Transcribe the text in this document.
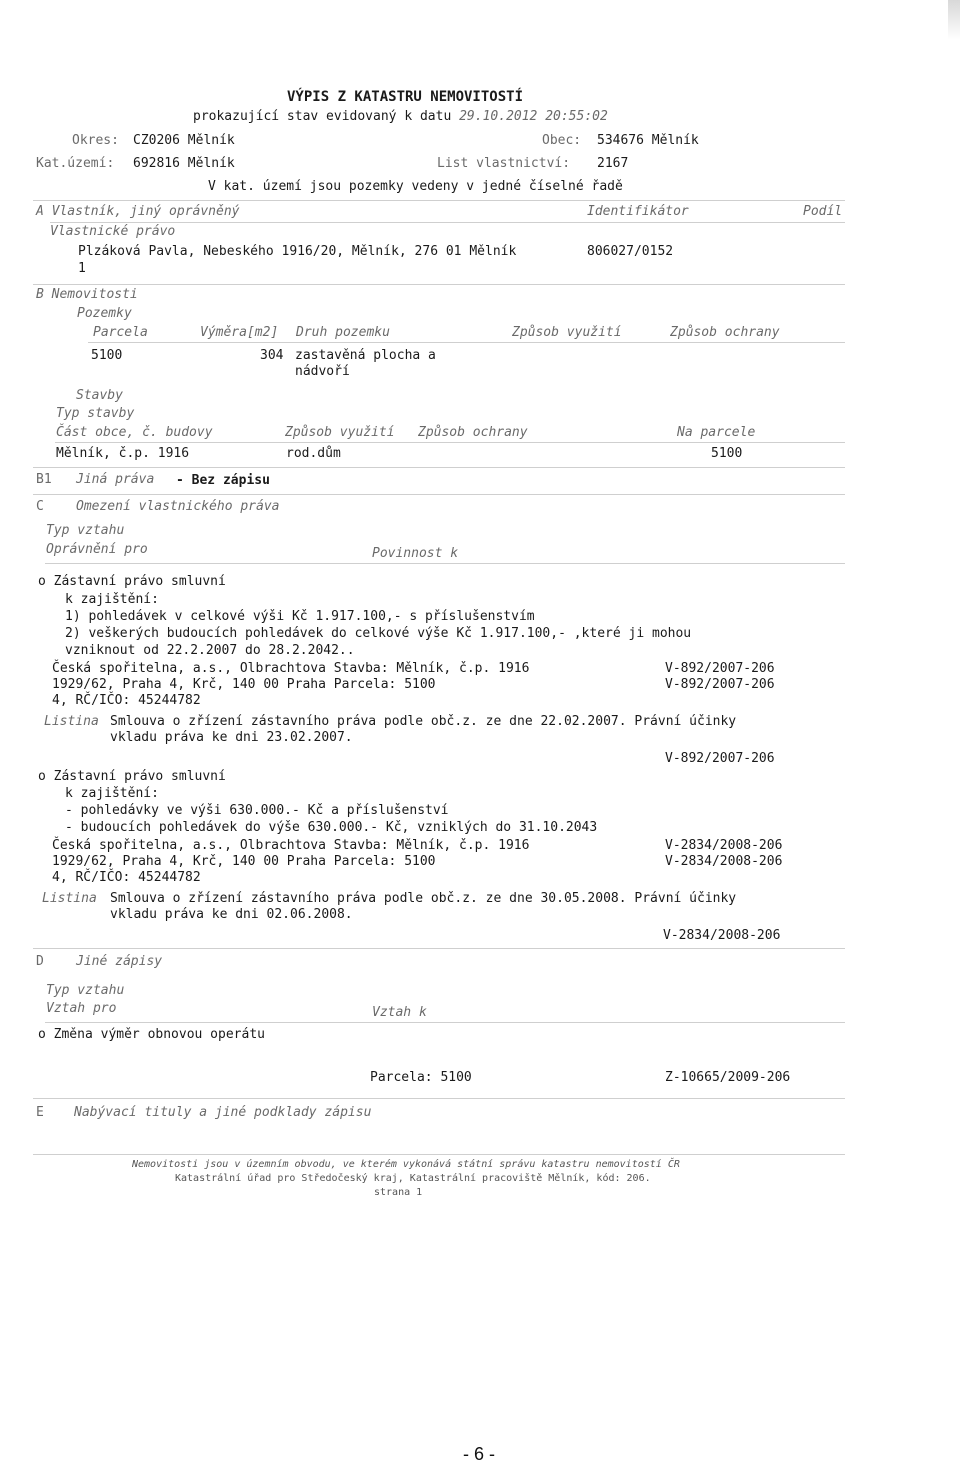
VÝPIS Z KATASTRU NEMOVITOSTÍ
prokazující stav evidovaný k datu 29.10.2012 20:55:02
Okres: CZ0206 Mělník	Obec: 534676 Mělník
Kat.území: 692816 Mělník	List vlastnictví: 2167
V kat. území jsou pozemky vedeny v jedné číselné řadě
A Vlastník, jiný oprávněný	Identifikátor	Podíl
Vlastnické právo
Plzáková Pavla, Nebeského 1916/20, Mělník, 276 01 Mělník	806027/0152
1
B Nemovitosti
Pozemky
Parcela	Výměra[m2] Druh pozemku	Způsob využití	Způsob ochrany
5100	304 zastavěná plocha a
nádvoří
Stavby
Typ stavby
Část obce, č. budovy	Způsob využití Způsob ochrany	Na parcele
Mělník, č.p. 1916	rod.dům	5100
B1 Jiná práva - Bez zápisu
C Omezení vlastnického práva
Typ vztahu
Oprávnění pro	Povinnost k
o Zástavní právo smluvní
k zajištění:
1) pohledávek v celkové výši Kč 1.917.100,- s příslušenstvím
2) veškerých budoucích pohledávek do celkové výše Kč 1.917.100,- ,které ji mohou
vzniknout od 22.2.2007 do 28.2.2042..
Česká spořitelna, a.s., Olbrachtova Stavba: Mělník, č.p. 1916	V-892/2007-206
1929/62, Praha 4, Krč, 140 00 Praha Parcela: 5100	V-892/2007-206
4, RČ/IČO: 45244782
Listina Smlouva o zřízení zástavního práva podle obč.z. ze dne 22.02.2007. Právní účinky
vkladu práva ke dni 23.02.2007.
V-892/2007-206
o Zástavní právo smluvní
k zajištění:
- pohledávky ve výši 630.000.- Kč a příslušenství
- budoucích pohledávek do výše 630.000.- Kč, vzniklých do 31.10.2043
Česká spořitelna, a.s., Olbrachtova Stavba: Mělník, č.p. 1916	V-2834/2008-206
1929/62, Praha 4, Krč, 140 00 Praha Parcela: 5100	V-2834/2008-206
4, RČ/IČO: 45244782
Listina Smlouva o zřízení zástavního práva podle obč.z. ze dne 30.05.2008. Právní účinky
vkladu práva ke dni 02.06.2008.
V-2834/2008-206
D Jiné zápisy
Typ vztahu
Vztah pro	Vztah k
o Změna výměr obnovou operátu
Parcela: 5100	Z-10665/2009-206
E Nabývací tituly a jiné podklady zápisu
Nemovitosti jsou v územním obvodu, ve kterém vykonává státní správu katastru nemovitostí ČR
Katastrální úřad pro Středočeský kraj, Katastrální pracoviště Mělník, kód: 206.
strana 1
- 6 -
